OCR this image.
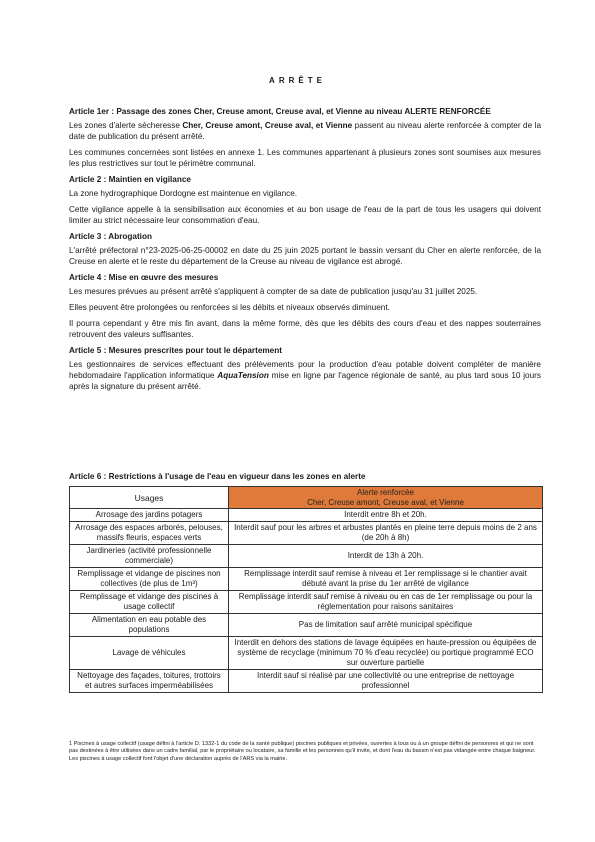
ARRÊTE

Article 1er : Passage des zones Cher, Creuse amont, Creuse aval, et Vienne au niveau ALERTE RENFORCÉE

Les zones d'alerte sécheresse Cher, Creuse amont, Creuse aval, et Vienne passent au niveau alerte renforcée à compter de la date de publication du présent arrêté.

Les communes concernées sont listées en annexe 1. Les communes appartenant à plusieurs zones sont soumises aux mesures les plus restrictives sur tout le périmètre communal.

Article 2 : Maintien en vigilance

La zone hydrographique Dordogne est maintenue en vigilance.

Cette vigilance appelle à la sensibilisation aux économies et au bon usage de l'eau de la part de tous les usagers qui doivent limiter au strict nécessaire leur consommation d'eau.

Article 3 : Abrogation

L'arrêté préfectoral n°23-2025-06-25-00002 en date du 25 juin 2025 portant le bassin versant du Cher en alerte renforcée, de la Creuse en alerte et le reste du département de la Creuse au niveau de vigilance est abrogé.

Article 4 : Mise en œuvre des mesures

Les mesures prévues au présent arrêté s'appliquent à compter de sa date de publication jusqu'au 31 juillet 2025.

Elles peuvent être prolongées ou renforcées si les débits et niveaux observés diminuent.

Il pourra cependant y être mis fin avant, dans la même forme, dès que les débits des cours d'eau et des nappes souterraines retrouvent des valeurs suffisantes.

Article 5 : Mesures prescrites pour tout le département

Les gestionnaires de services effectuant des prélèvements pour la production d'eau potable doivent compléter de manière hebdomadaire l'application informatique AquaTension mise en ligne par l'agence régionale de santé, au plus tard sous 10 jours après la signature du présent arrêté.

Article 6 : Restrictions à l'usage de l'eau en vigueur dans les zones en alerte
Usages	Alerte renforcée
Cher, Creuse amont, Creuse aval, et Vienne

Arrosage des jardins potagers	Interdit entre 8h et 20h.
Arrosage des espaces arborés, pelouses, massifs fleuris, espaces verts	Interdit sauf pour les arbres et arbustes plantés en pleine terre depuis moins de 2 ans (de 20h à 8h)
Jardineries (activité professionnelle commerciale)	Interdit de 13h à 20h.
Remplissage et vidange de piscines non collectives (de plus de 1m³)	Remplissage interdit sauf remise à niveau et 1er remplissage si le chantier avait débuté avant la prise du 1er arrêté de vigilance
Remplissage et vidange des piscines à usage collectif	Remplissage interdit sauf remise à niveau ou en cas de 1er remplissage ou pour la réglementation pour raisons sanitaires
Alimentation en eau potable des populations	Pas de limitation sauf arrêté municipal spécifique
Lavage de véhicules	Interdit en dehors des stations de lavage équipées en haute-pression ou équipées de système de recyclage (minimum 70 % d'eau recyclée) ou portique programmé ECO sur ouverture partielle
Nettoyage des façades, toitures, trottoirs et autres surfaces imperméabilisées	Interdit sauf si réalisé par une collectivité ou une entreprise de nettoyage professionnel
1 Piscines à usage collectif (usage défini à l'article D. 1332-1 du code de la santé publique) piscines publiques et privées, ouvertes à tous ou à un groupe défini de personnes et qui ne sont pas destinées à être utilisées dans un cadre familial, par le propriétaire ou locataire, sa famille et les personnes qu'il invite, et dont l'eau du bassin n'est pas vidangée entre chaque baigneur. Les piscines à usage collectif font l'objet d'une déclaration auprès de l'ARS via la mairie.
